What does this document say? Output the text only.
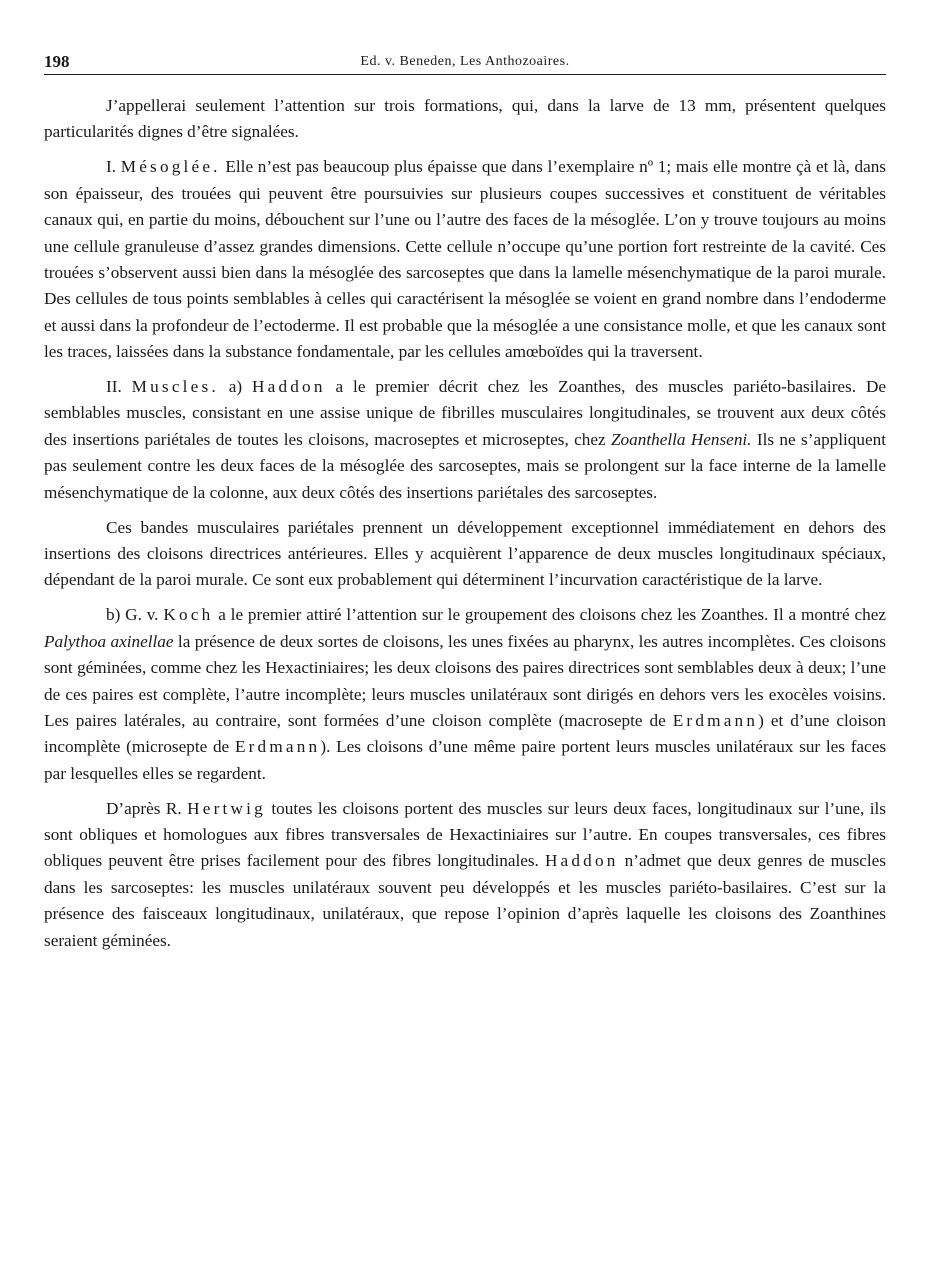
198	Ed. v. Beneden, Les Anthozoaires.

J’appellerai seulement l’attention sur trois formations, qui, dans la larve de 13 mm, présentent quelques particularités dignes d’être signalées.

I. Mésoglée. Elle n’est pas beaucoup plus épaisse que dans l’exemplaire nº 1; mais elle montre çà et là, dans son épaisseur, des trouées qui peuvent être poursuivies sur plusieurs coupes successives et constituent de véritables canaux qui, en partie du moins, débouchent sur l’une ou l’autre des faces de la mésoglée. L’on y trouve toujours au moins une cellule granuleuse d’assez grandes dimensions. Cette cellule n’occupe qu’une portion fort restreinte de la cavité. Ces trouées s’observent aussi bien dans la mésoglée des sarcoseptes que dans la lamelle mésenchymatique de la paroi murale. Des cellules de tous points semblables à celles qui caractérisent la mésoglée se voient en grand nombre dans l’endoderme et aussi dans la profondeur de l’ectoderme. Il est probable que la mésoglée a une consistance molle, et que les canaux sont les traces, laissées dans la substance fondamentale, par les cellules amœboïdes qui la traversent.

II. Muscles. a) Haddon a le premier décrit chez les Zoanthes, des muscles pariéto-basilaires. De semblables muscles, consistant en une assise unique de fibrilles musculaires longitudinales, se trouvent aux deux côtés des insertions pariétales de toutes les cloisons, macroseptes et microseptes, chez Zoanthella Henseni. Ils ne s’appliquent pas seulement contre les deux faces de la mésoglée des sarcoseptes, mais se prolongent sur la face interne de la lamelle mésenchymatique de la colonne, aux deux côtés des insertions pariétales des sarcoseptes.

Ces bandes musculaires pariétales prennent un développement exceptionnel immédiatement en dehors des insertions des cloisons directrices antérieures. Elles y acquièrent l’apparence de deux muscles longitudinaux spéciaux, dépendant de la paroi murale. Ce sont eux probablement qui déterminent l’incurvation caractéristique de la larve.

b) G. v. Koch a le premier attiré l’attention sur le groupement des cloisons chez les Zoanthes. Il a montré chez Palythoa axinellae la présence de deux sortes de cloisons, les unes fixées au pharynx, les autres incomplètes. Ces cloisons sont géminées, comme chez les Hexactiniaires; les deux cloisons des paires directrices sont semblables deux à deux; l’une de ces paires est complète, l’autre incomplète; leurs muscles unilatéraux sont dirigés en dehors vers les exocèles voisins. Les paires latérales, au contraire, sont formées d’une cloison complète (macrosepte de Erdmann) et d’une cloison incomplète (microsepte de Erdmann). Les cloisons d’une même paire portent leurs muscles unilatéraux sur les faces par lesquelles elles se regardent.

D’après R. Hertwig toutes les cloisons portent des muscles sur leurs deux faces, longitudinaux sur l’une, ils sont obliques et homologues aux fibres transversales de Hexactiniaires sur l’autre. En coupes transversales, ces fibres obliques peuvent être prises facilement pour des fibres longitudinales. Haddon n’admet que deux genres de muscles dans les sarcoseptes: les muscles unilatéraux souvent peu développés et les muscles pariéto-basilaires. C’est sur la présence des faisceaux longitudinaux, unilatéraux, que repose l’opinion d’après laquelle les cloisons des Zoanthines seraient géminées.
